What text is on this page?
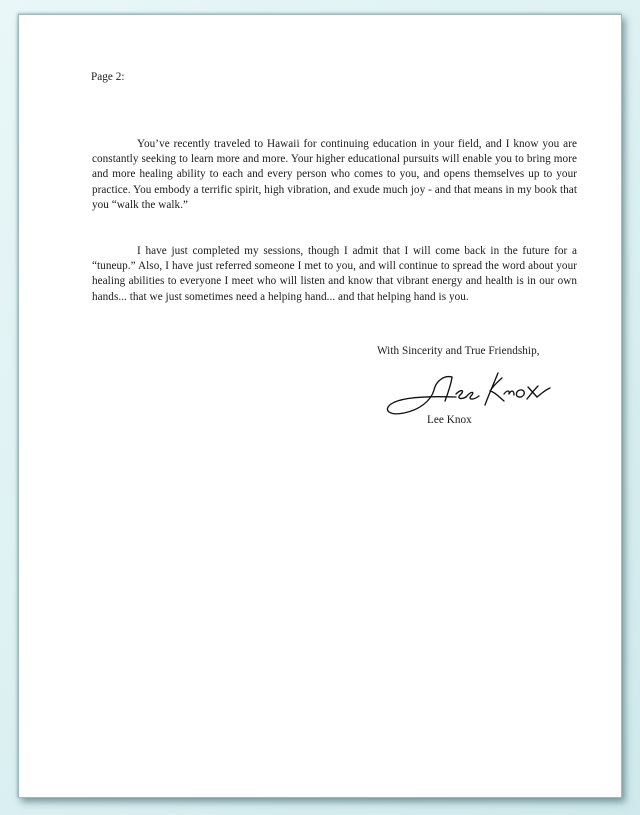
Page 2:
You’ve recently traveled to Hawaii for continuing education in your field, and I know you are constantly seeking to learn more and more. Your higher educational pursuits will enable you to bring more and more healing ability to each and every person who comes to you, and opens themselves up to your practice. You embody a terrific spirit, high vibration, and exude much joy - and that means in my book that you “walk the walk.”
I have just completed my sessions, though I admit that I will come back in the future for a “tuneup.” Also, I have just referred someone I met to you, and will continue to spread the word about your healing abilities to everyone I meet who will listen and know that vibrant energy and health is in our own hands... that we just sometimes need a helping hand... and that helping hand is you.
With Sincerity and True Friendship,
Lee Knox
